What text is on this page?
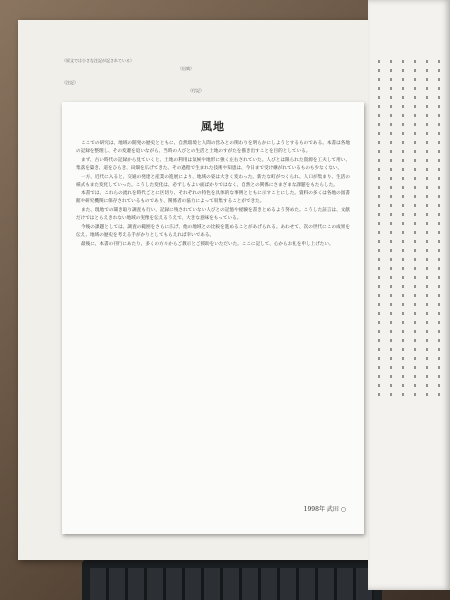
（原文では小さな注記が記されている）
（出典）
（注記）
（付記）
風地

ここでの研究は、地域の開発の歴史とともに、自然環境と人間の営みとの関わりを明らかにしようとするものである。本書は各地の記録を整理し、その変遷を追いながら、当時の人びとの生活と土地のすがたを描き出すことを目的としている。

まず、古い時代の記録から見ていくと、土地の利用は気候や地形に強く左右されていた。人びとは限られた資源を工夫して用い、集落を築き、道をひらき、田畑を広げてきた。その過程で生まれた技術や知恵は、今日まで受け継がれているものも少なくない。

一方、近代に入ると、交通の発達と産業の進展により、地域の姿は大きく変わった。新たな町がつくられ、人口が集まり、生活の様式もまた変化していった。こうした変化は、必ずしもよい面ばかりではなく、自然との関係にさまざまな課題をもたらした。

本書では、これらの流れを時代ごとに区切り、それぞれの特色を具体的な事例とともに示すことにした。資料の多くは各地の図書館や研究機関に保存されているものであり、関係者の協力によって収集することができた。

また、現地での聞き取り調査も行い、記録に残されていない人びとの記憶や経験を書きとめるよう努めた。こうした証言は、文献だけではとらえきれない地域の実像を伝えるうえで、大きな意味をもっている。

今後の課題としては、調査の範囲をさらに広げ、他の地域との比較を進めることがあげられる。あわせて、次の世代にこの成果を伝え、地域の歴史を考える手がかりとしてもらえれば幸いである。

最後に、本書の刊行にあたり、多くの方々からご教示とご援助をいただいた。ここに記して、心からお礼を申し上げたい。

1998年 武田 ○
